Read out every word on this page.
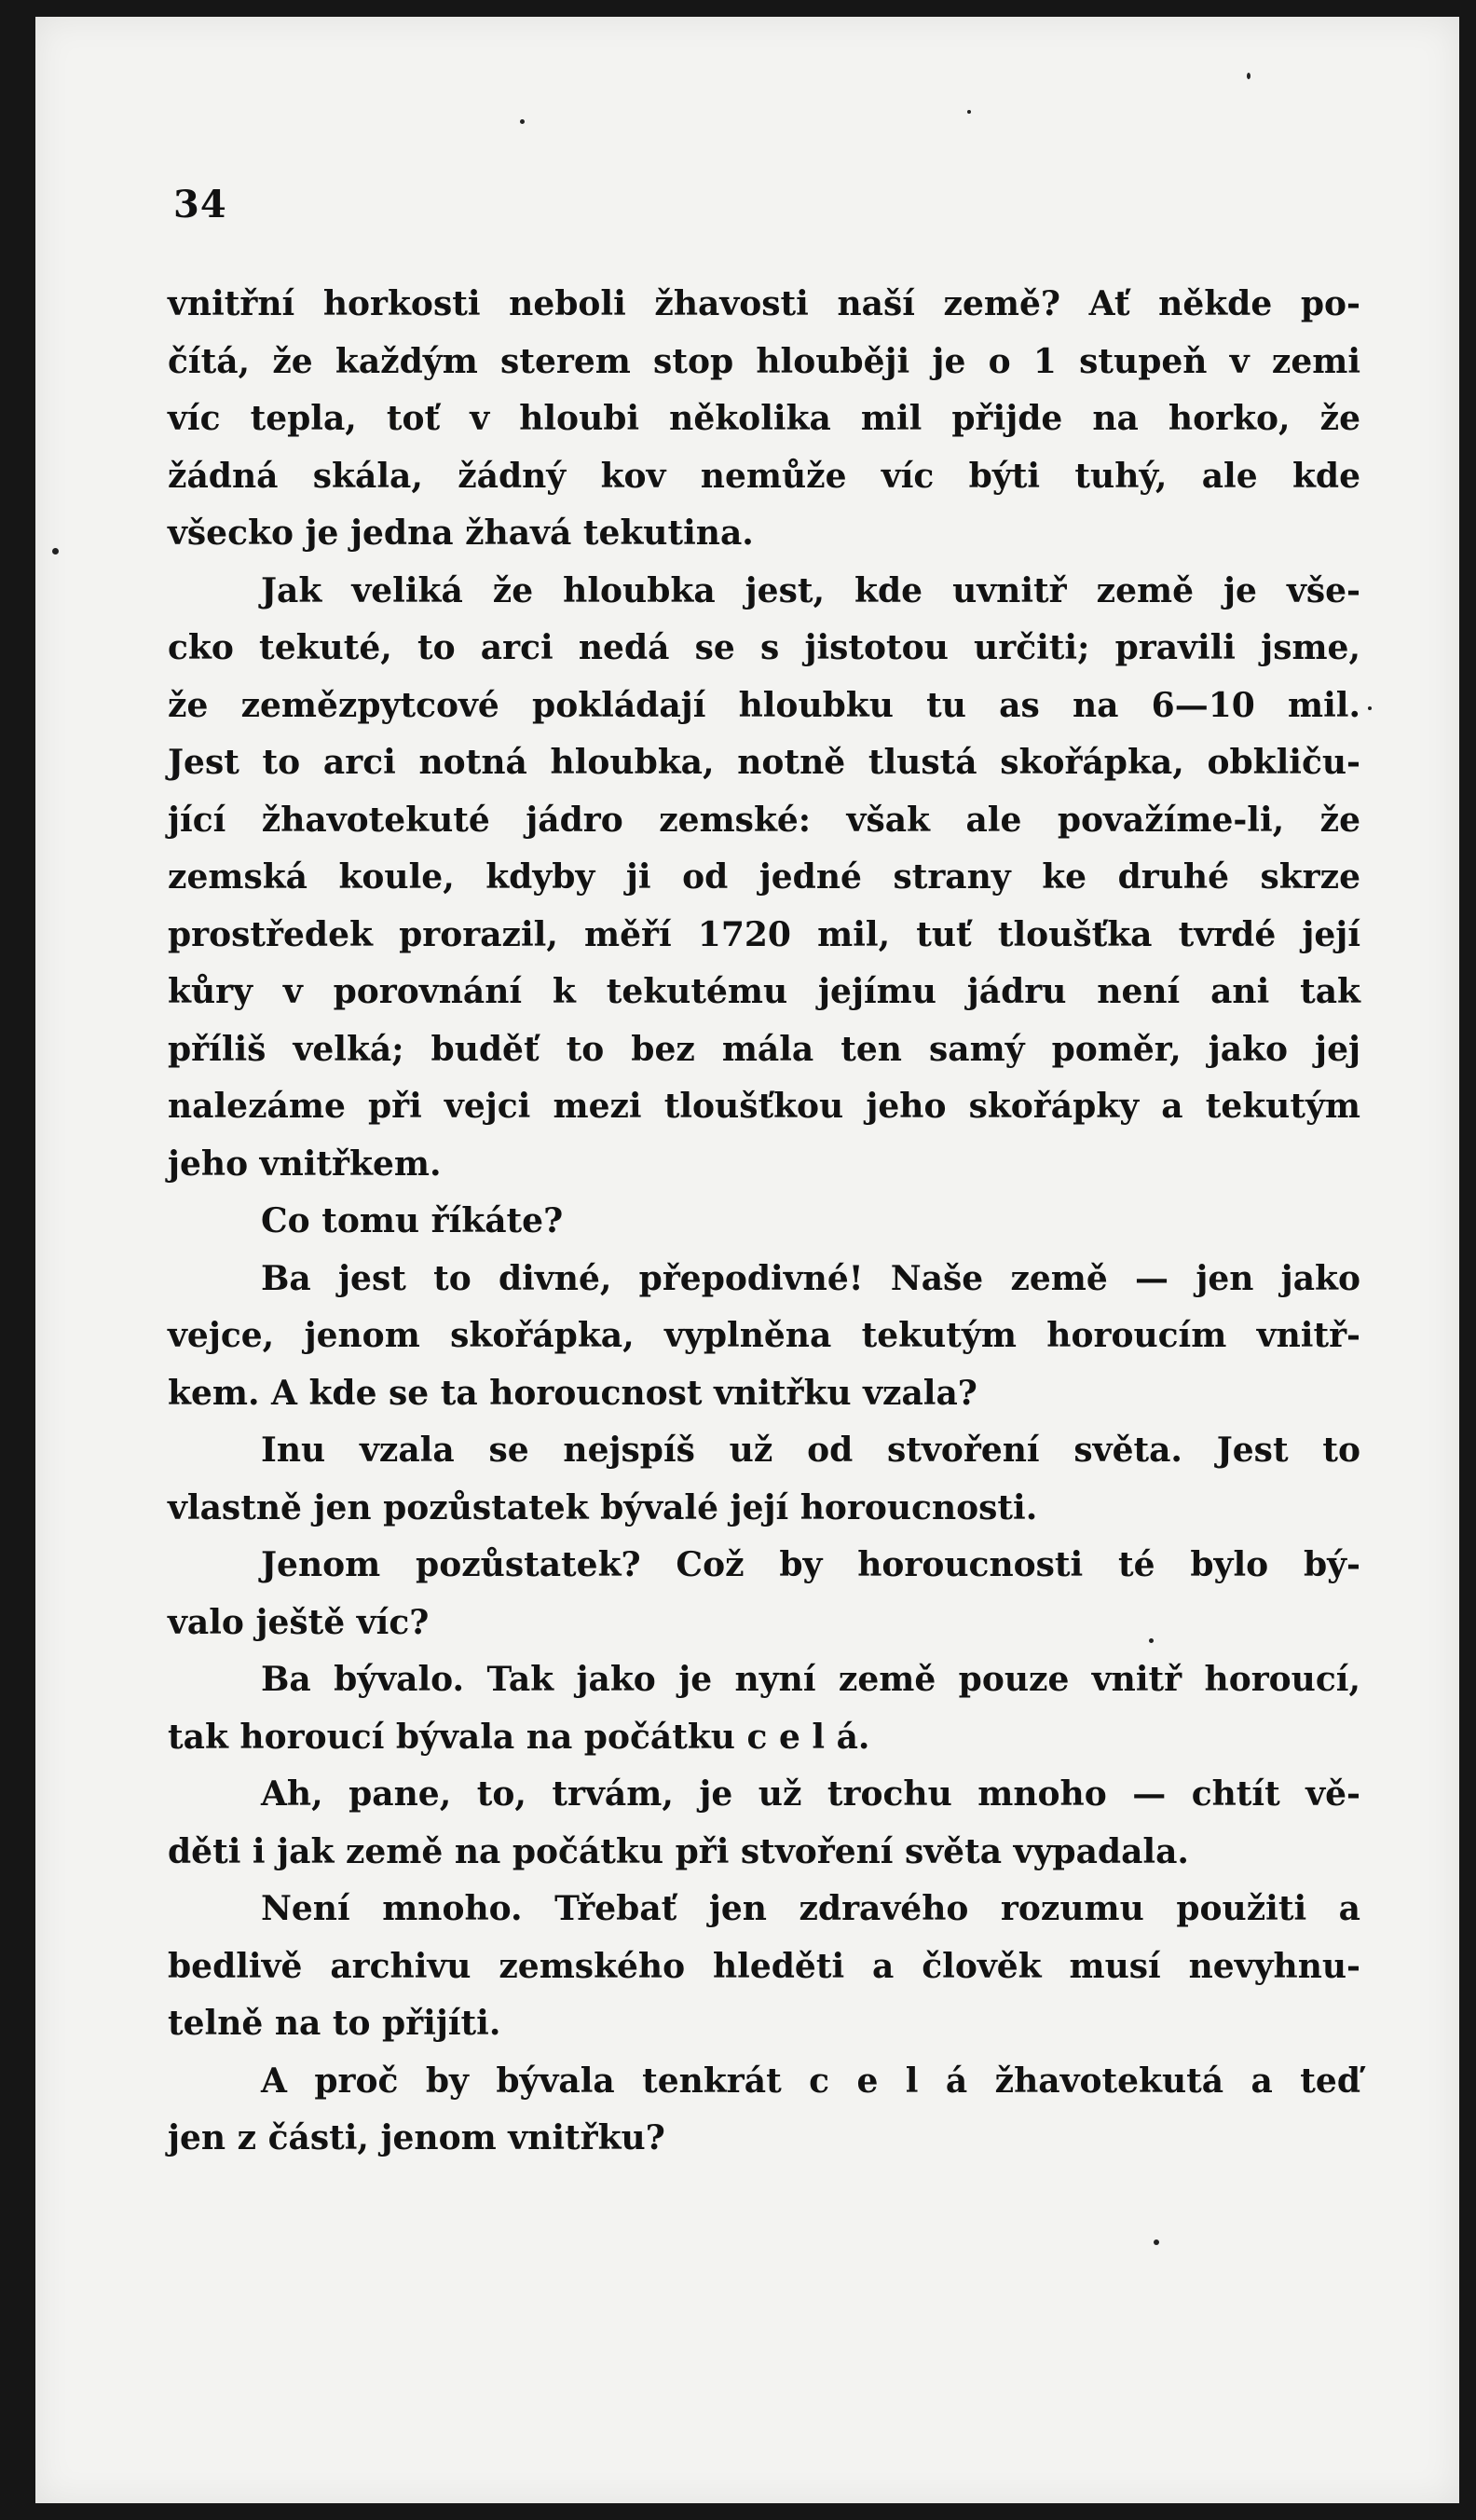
34
vnitřní horkosti neboli žhavosti naší země? Ať někde po-
čítá, že každým sterem stop hlouběji je o 1 stupeň v zemi
víc tepla, toť v hloubi několika mil přijde na horko, že
žádná skála, žádný kov nemůže víc býti tuhý, ale kde
všecko je jedna žhavá tekutina.
Jak veliká že hloubka jest, kde uvnitř země je vše-
cko tekuté, to arci nedá se s jistotou určiti; pravili jsme,
že zemězpytcové pokládají hloubku tu as na 6—10 mil.
Jest to arci notná hloubka, notně tlustá skořápka, obkliču-
jící žhavotekuté jádro zemské: však ale považíme-li, že
zemská koule, kdyby ji od jedné strany ke druhé skrze
prostředek prorazil, měří 1720 mil, tuť tloušťka tvrdé její
kůry v porovnání k tekutému jejímu jádru není ani tak
příliš velká; buděť to bez mála ten samý poměr, jako jej
nalezáme při vejci mezi tloušťkou jeho skořápky a tekutým
jeho vnitřkem.
Co tomu říkáte?
Ba jest to divné, přepodivné! Naše země — jen jako
vejce, jenom skořápka, vyplněna tekutým horoucím vnitř-
kem. A kde se ta horoucnost vnitřku vzala?
Inu vzala se nejspíš už od stvoření světa. Jest to
vlastně jen pozůstatek bývalé její horoucnosti.
Jenom pozůstatek? Což by horoucnosti té bylo bý-
valo ještě víc?
Ba bývalo. Tak jako je nyní země pouze vnitř horoucí,
tak horoucí bývala na počátku c e l á.
Ah, pane, to, trvám, je už trochu mnoho — chtít vě-
děti i jak země na počátku při stvoření světa vypadala.
Není mnoho. Třebať jen zdravého rozumu použiti a
bedlivě archivu zemského hleděti a člověk musí nevyhnu-
telně na to přijíti.
A proč by bývala tenkrát c e l á žhavotekutá a teď
jen z části, jenom vnitřku?
